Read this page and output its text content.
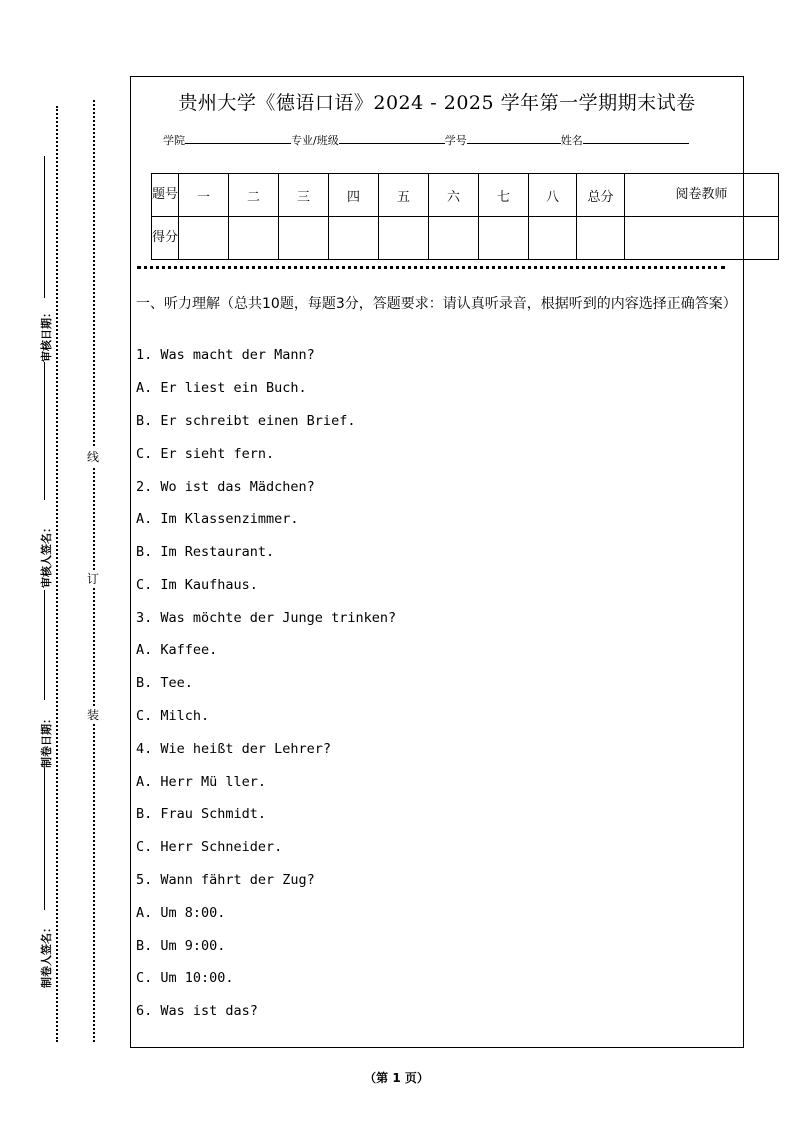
线
订
装
制卷人签名：
制卷日期：
审核人签名：
审核日期：
贵州大学《德语口语》2024 - 2025 学年第一学期期末试卷
学院	专业/班级	学号	姓名
题号	一	二	三	四	五	六	七	八	总分	阅卷教师
得分										
一、听力理解（总共10题，每题3分，答题要求：请认真听录音，根据听到的内容选择正确答案）
1. Was macht der Mann?
A. Er liest ein Buch.
B. Er schreibt einen Brief.
C. Er sieht fern.
2. Wo ist das Mädchen?
A. Im Klassenzimmer.
B. Im Restaurant.
C. Im Kaufhaus.
3. Was möchte der Junge trinken?
A. Kaffee.
B. Tee.
C. Milch.
4. Wie heißt der Lehrer?
A. Herr Mü ller.
B. Frau Schmidt.
C. Herr Schneider.
5. Wann fährt der Zug?
A. Um 8:00.
B. Um 9:00.
C. Um 10:00.
6. Was ist das?
（第 1 页）
